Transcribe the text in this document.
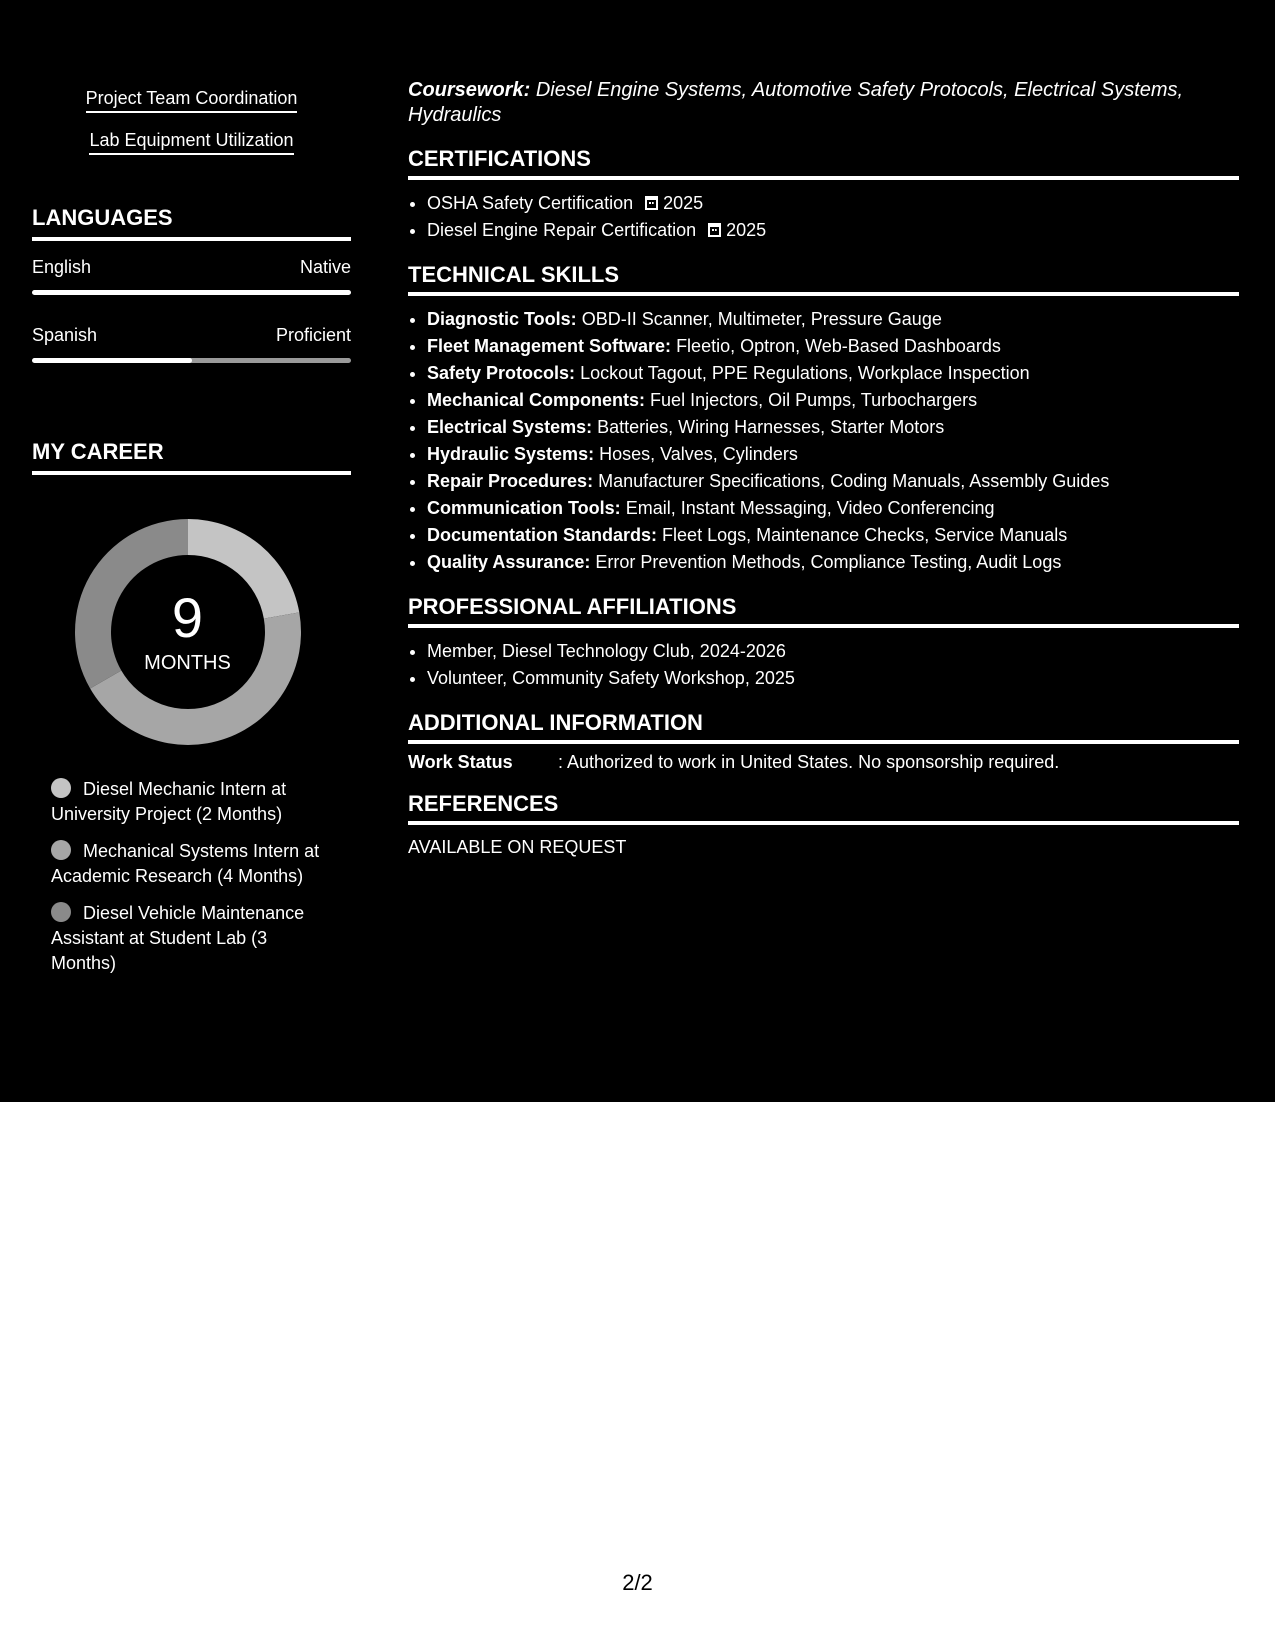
Project Team Coordination
Lab Equipment Utilization
LANGUAGES
English	Native
Spanish	Proficient
MY CAREER
9
MONTHS
Diesel Mechanic Intern at University Project (2 Months)
Mechanical Systems Intern at Academic Research (4 Months)
Diesel Vehicle Maintenance Assistant at Student Lab (3 Months)
Coursework: Diesel Engine Systems, Automotive Safety Protocols, Electrical Systems, Hydraulics
CERTIFICATIONS
• OSHA Safety Certification 2025
• Diesel Engine Repair Certification 2025
TECHNICAL SKILLS
• Diagnostic Tools: OBD-II Scanner, Multimeter, Pressure Gauge
• Fleet Management Software: Fleetio, Optron, Web-Based Dashboards
• Safety Protocols: Lockout Tagout, PPE Regulations, Workplace Inspection
• Mechanical Components: Fuel Injectors, Oil Pumps, Turbochargers
• Electrical Systems: Batteries, Wiring Harnesses, Starter Motors
• Hydraulic Systems: Hoses, Valves, Cylinders
• Repair Procedures: Manufacturer Specifications, Coding Manuals, Assembly Guides
• Communication Tools: Email, Instant Messaging, Video Conferencing
• Documentation Standards: Fleet Logs, Maintenance Checks, Service Manuals
• Quality Assurance: Error Prevention Methods, Compliance Testing, Audit Logs
PROFESSIONAL AFFILIATIONS
• Member, Diesel Technology Club, 2024-2026
• Volunteer, Community Safety Workshop, 2025
ADDITIONAL INFORMATION
Work Status	: Authorized to work in United States. No sponsorship required.
REFERENCES
AVAILABLE ON REQUEST
2/2
